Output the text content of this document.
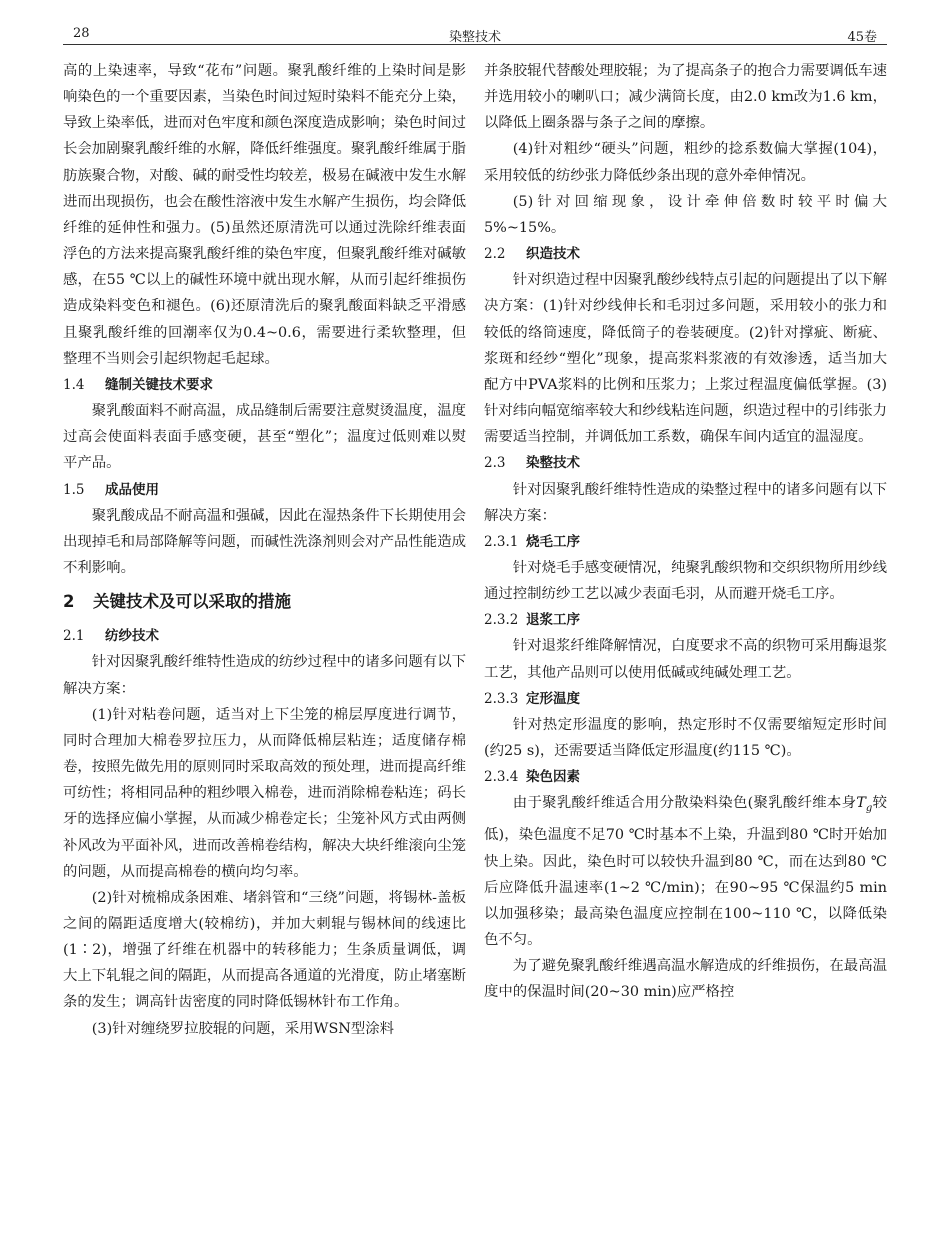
28	染整技术	45卷

高的上染速率，导致“花布”问题。聚乳酸纤维的上染时间是影响染色的一个重要因素，当染色时间过短时染料不能充分上染，导致上染率低，进而对色牢度和颜色深度造成影响；染色时间过长会加剧聚乳酸纤维的水解，降低纤维强度。聚乳酸纤维属于脂肪族聚合物，对酸、碱的耐受性均较差，极易在碱液中发生水解进而出现损伤，也会在酸性溶液中发生水解产生损伤，均会降低纤维的延伸性和强力。(5)虽然还原清洗可以通过洗除纤维表面浮色的方法来提高聚乳酸纤维的染色牢度，但聚乳酸纤维对碱敏感，在55 ℃以上的碱性环境中就出现水解，从而引起纤维损伤造成染料变色和褪色。(6)还原清洗后的聚乳酸面料缺乏平滑感且聚乳酸纤维的回潮率仅为0.4~0.6，需要进行柔软整理，但整理不当则会引起织物起毛起球。

1.4 缝制关键技术要求

聚乳酸面料不耐高温，成品缝制后需要注意熨烫温度，温度过高会使面料表面手感变硬，甚至“塑化”；温度过低则难以熨平产品。

1.5 成品使用

聚乳酸成品不耐高温和强碱，因此在湿热条件下长期使用会出现掉毛和局部降解等问题，而碱性洗涤剂则会对产品性能造成不利影响。

2 关键技术及可以采取的措施
2.1 纺纱技术

针对因聚乳酸纤维特性造成的纺纱过程中的诸多问题有以下解决方案：

(1)针对粘卷问题，适当对上下尘笼的棉层厚度进行调节，同时合理加大棉卷罗拉压力，从而降低棉层粘连；适度储存棉卷，按照先做先用的原则同时采取高效的预处理，进而提高纤维可纺性；将相同品种的粗纱喂入棉卷，进而消除棉卷粘连；码长牙的选择应偏小掌握，从而减少棉卷定长；尘笼补风方式由两侧补风改为平面补风，进而改善棉卷结构，解决大块纤维滚向尘笼的问题，从而提高棉卷的横向均匀率。

(2)针对梳棉成条困难、堵斜管和“三绕”问题，将锡林-盖板之间的隔距适度增大(较棉纺)，并加大刺辊与锡林间的线速比(1∶2)，增强了纤维在机器中的转移能力；生条质量调低，调大上下轧辊之间的隔距，从而提高各通道的光滑度，防止堵塞断条的发生；调高针齿密度的同时降低锡林针布工作角。

(3)针对缠绕罗拉胶辊的问题，采用WSN型涂料

并条胶辊代替酸处理胶辊；为了提高条子的抱合力需要调低车速并选用较小的喇叭口；减少满筒长度，由2.0 km改为1.6 km，以降低上圈条器与条子之间的摩擦。

(4)针对粗纱“硬头”问题，粗纱的捻系数偏大掌握(104)，采用较低的纺纱张力降低纱条出现的意外牵伸情况。

(5)针对回缩现象，设计牵伸倍数时较平时偏大5%~15%。

2.2 织造技术

针对织造过程中因聚乳酸纱线特点引起的问题提出了以下解决方案：(1)针对纱线伸长和毛羽过多问题，采用较小的张力和较低的络筒速度，降低筒子的卷装硬度。(2)针对撑疵、断疵、浆斑和经纱“塑化”现象，提高浆料浆液的有效渗透，适当加大配方中PVA浆料的比例和压浆力；上浆过程温度偏低掌握。(3)针对纬向幅宽缩率较大和纱线粘连问题，织造过程中的引纬张力需要适当控制，并调低加工系数，确保车间内适宜的温湿度。

2.3 染整技术

针对因聚乳酸纤维特性造成的染整过程中的诸多问题有以下解决方案：

2.3.1 烧毛工序

针对烧毛手感变硬情况，纯聚乳酸织物和交织织物所用纱线通过控制纺纱工艺以减少表面毛羽，从而避开烧毛工序。

2.3.2 退浆工序

针对退浆纤维降解情况，白度要求不高的织物可采用酶退浆工艺，其他产品则可以使用低碱或纯碱处理工艺。

2.3.3 定形温度

针对热定形温度的影响，热定形时不仅需要缩短定形时间(约25 s)，还需要适当降低定形温度(约115 ℃)。

2.3.4 染色因素

由于聚乳酸纤维适合用分散染料染色(聚乳酸纤维本身$T_g$较低)，染色温度不足70 ℃时基本不上染，升温到80 ℃时开始加快上染。因此，染色时可以较快升温到80 ℃，而在达到80 ℃后应降低升温速率(1~2 ℃/min)；在90~95 ℃保温约5 min以加强移染；最高染色温度应控制在100~110 ℃，以降低染色不匀。

为了避免聚乳酸纤维遇高温水解造成的纤维损伤，在最高温度中的保温时间(20~30 min)应严格控
